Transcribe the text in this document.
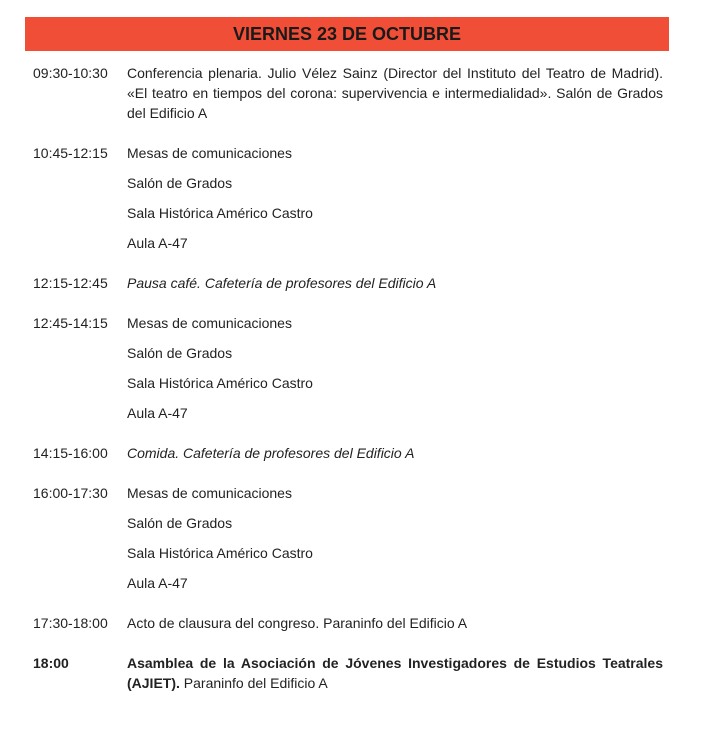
VIERNES 23 DE OCTUBRE
09:30-10:30	Conferencia plenaria. Julio Vélez Sainz (Director del Instituto del Teatro de Madrid). «El teatro en tiempos del corona: supervivencia e intermedialidad». Salón de Grados del Edificio A
10:45-12:15	Mesas de comunicaciones
Salón de Grados
Sala Histórica Américo Castro
Aula A-47
12:15-12:45	Pausa café. Cafetería de profesores del Edificio A
12:45-14:15	Mesas de comunicaciones
Salón de Grados
Sala Histórica Américo Castro
Aula A-47
14:15-16:00	Comida. Cafetería de profesores del Edificio A
16:00-17:30	Mesas de comunicaciones
Salón de Grados
Sala Histórica Américo Castro
Aula A-47
17:30-18:00	Acto de clausura del congreso. Paraninfo del Edificio A
18:00	Asamblea de la Asociación de Jóvenes Investigadores de Estudios Teatrales (AJIET). Paraninfo del Edificio A
